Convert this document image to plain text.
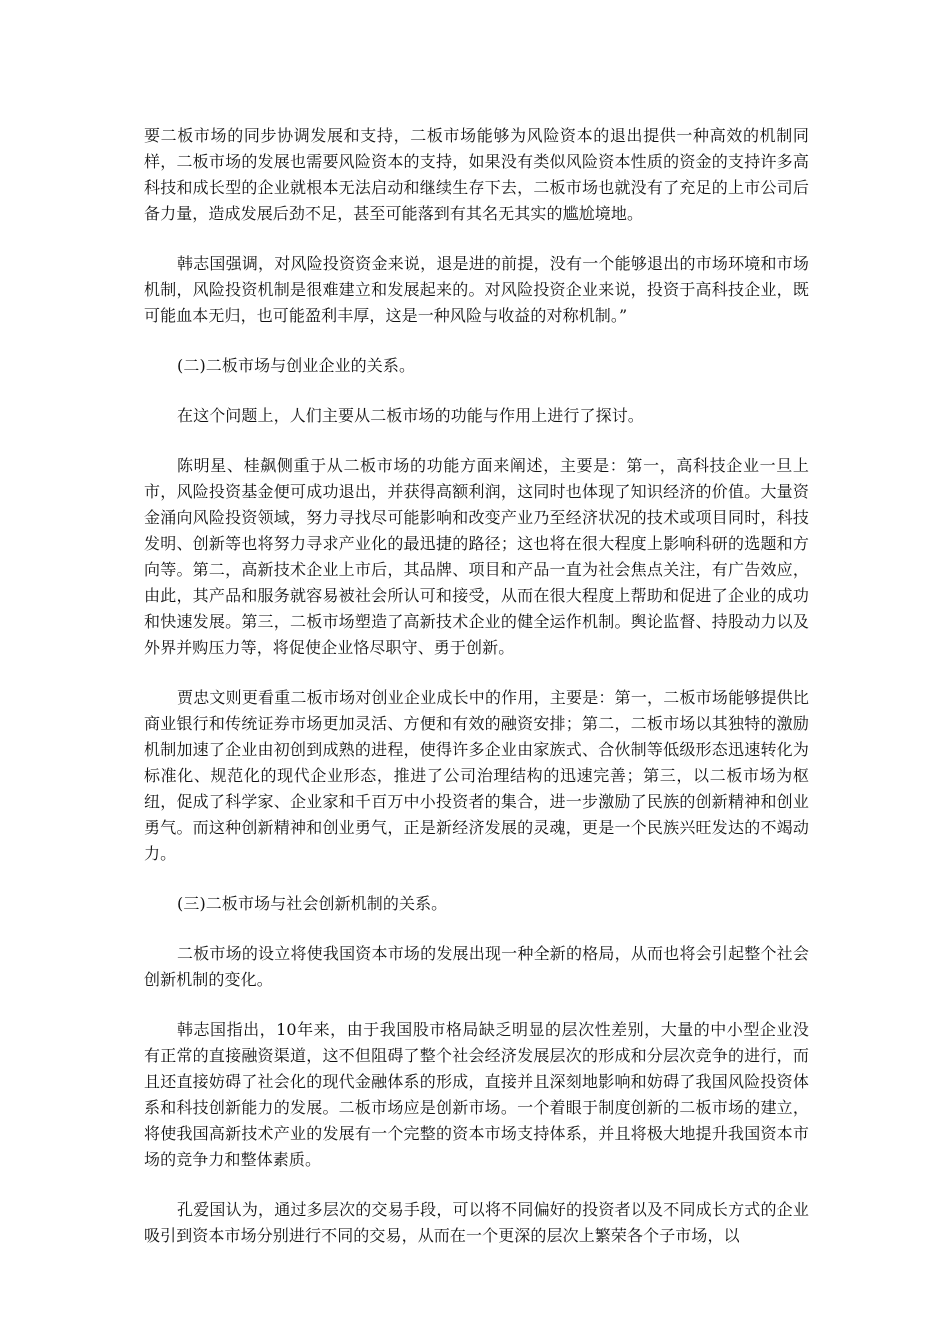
要二板市场的同步协调发展和支持，二板市场能够为风险资本的退出提供一种高效的机制同样，二板市场的发展也需要风险资本的支持，如果没有类似风险资本性质的资金的支持许多高科技和成长型的企业就根本无法启动和继续生存下去，二板市场也就没有了充足的上市公司后备力量，造成发展后劲不足，甚至可能落到有其名无其实的尴尬境地。

韩志国强调，对风险投资资金来说，退是进的前提，没有一个能够退出的市场环境和市场机制，风险投资机制是很难建立和发展起来的。对风险投资企业来说，投资于高科技企业，既可能血本无归，也可能盈利丰厚，这是一种风险与收益的对称机制。”

(二)二板市场与创业企业的关系。

在这个问题上，人们主要从二板市场的功能与作用上进行了探讨。

陈明星、桂飙侧重于从二板市场的功能方面来阐述，主要是：第一，高科技企业一旦上市，风险投资基金便可成功退出，并获得高额利润，这同时也体现了知识经济的价值。大量资金涌向风险投资领域，努力寻找尽可能影响和改变产业乃至经济状况的技术或项目同时，科技发明、创新等也将努力寻求产业化的最迅捷的路径；这也将在很大程度上影响科研的选题和方向等。第二，高新技术企业上市后，其品牌、项目和产品一直为社会焦点关注，有广告效应，由此，其产品和服务就容易被社会所认可和接受，从而在很大程度上帮助和促进了企业的成功和快速发展。第三，二板市场塑造了高新技术企业的健全运作机制。舆论监督、持股动力以及外界并购压力等，将促使企业恪尽职守、勇于创新。

贾忠文则更看重二板市场对创业企业成长中的作用，主要是：第一，二板市场能够提供比商业银行和传统证券市场更加灵活、方便和有效的融资安排；第二，二板市场以其独特的激励机制加速了企业由初创到成熟的进程，使得许多企业由家族式、合伙制等低级形态迅速转化为标准化、规范化的现代企业形态，推进了公司治理结构的迅速完善；第三，以二板市场为枢纽，促成了科学家、企业家和千百万中小投资者的集合，进一步激励了民族的创新精神和创业勇气。而这种创新精神和创业勇气，正是新经济发展的灵魂，更是一个民族兴旺发达的不竭动力。

(三)二板市场与社会创新机制的关系。

二板市场的设立将使我国资本市场的发展出现一种全新的格局，从而也将会引起整个社会创新机制的变化。

韩志国指出，10年来，由于我国股市格局缺乏明显的层次性差别，大量的中小型企业没有正常的直接融资渠道，这不但阻碍了整个社会经济发展层次的形成和分层次竞争的进行，而且还直接妨碍了社会化的现代金融体系的形成，直接并且深刻地影响和妨碍了我国风险投资体系和科技创新能力的发展。二板市场应是创新市场。一个着眼于制度创新的二板市场的建立，将使我国高新技术产业的发展有一个完整的资本市场支持体系，并且将极大地提升我国资本市场的竞争力和整体素质。

孔爱国认为，通过多层次的交易手段，可以将不同偏好的投资者以及不同成长方式的企业吸引到资本市场分别进行不同的交易，从而在一个更深的层次上繁荣各个子市场，以
